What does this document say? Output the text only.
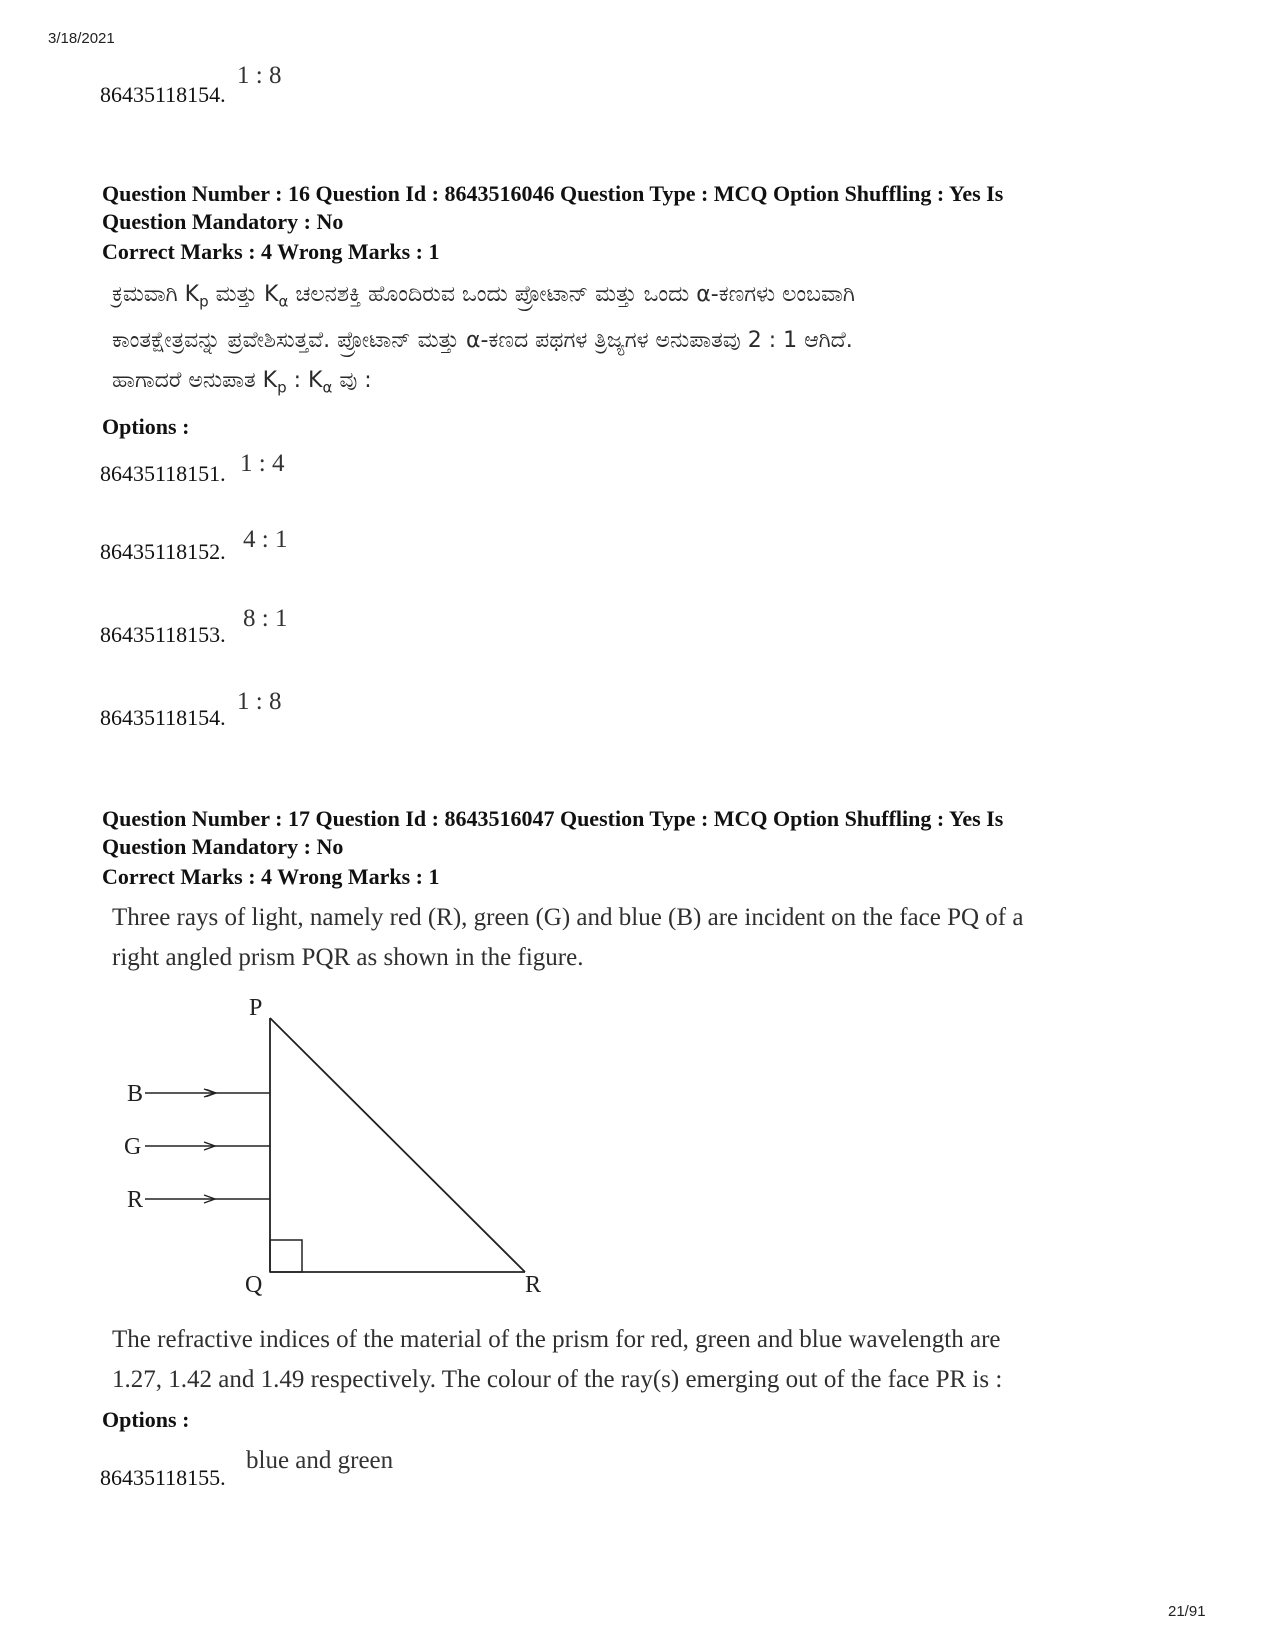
3/18/2021
86435118154.
1 : 8
Question Number : 16 Question Id : 8643516046 Question Type : MCQ Option Shuffling : Yes Is
Question Mandatory : No
Correct Marks : 4 Wrong Marks : 1
ಕ್ರಮವಾಗಿ $K_p$ ಮತ್ತು $K_\alpha$ ಚಲನಶಕ್ತಿ ಹೊಂದಿರುವ ಒಂದು ಪ್ರೋಟಾನ್ ಮತ್ತು ಒಂದು α-ಕಣಗಳು ಲಂಬವಾಗಿ
ಕಾಂತಕ್ಷೇತ್ರವನ್ನು ಪ್ರವೇಶಿಸುತ್ತವೆ. ಪ್ರೋಟಾನ್ ಮತ್ತು α-ಕಣದ ಪಥಗಳ ತ್ರಿಜ್ಯಗಳ ಅನುಪಾತವು 2 : 1 ಆಗಿದೆ.
ಹಾಗಾದರೆ ಅನುಪಾತ $K_p$ : $K_\alpha$ ವು :
Options :
86435118151. 1 : 4
86435118152. 4 : 1
86435118153.
8 : 1
86435118154.
1 : 8
Question Number : 17 Question Id : 8643516047 Question Type : MCQ Option Shuffling : Yes Is
Question Mandatory : No
Correct Marks : 4 Wrong Marks : 1
Three rays of light, namely red (R), green (G) and blue (B) are incident on the face PQ of a
right angled prism PQR as shown in the figure.
P
Q	R
B
G
R
The refractive indices of the material of the prism for red, green and blue wavelength are
1.27, 1.42 and 1.49 respectively. The colour of the ray(s) emerging out of the face PR is :
Options :
86435118155.
blue and green
21/91
